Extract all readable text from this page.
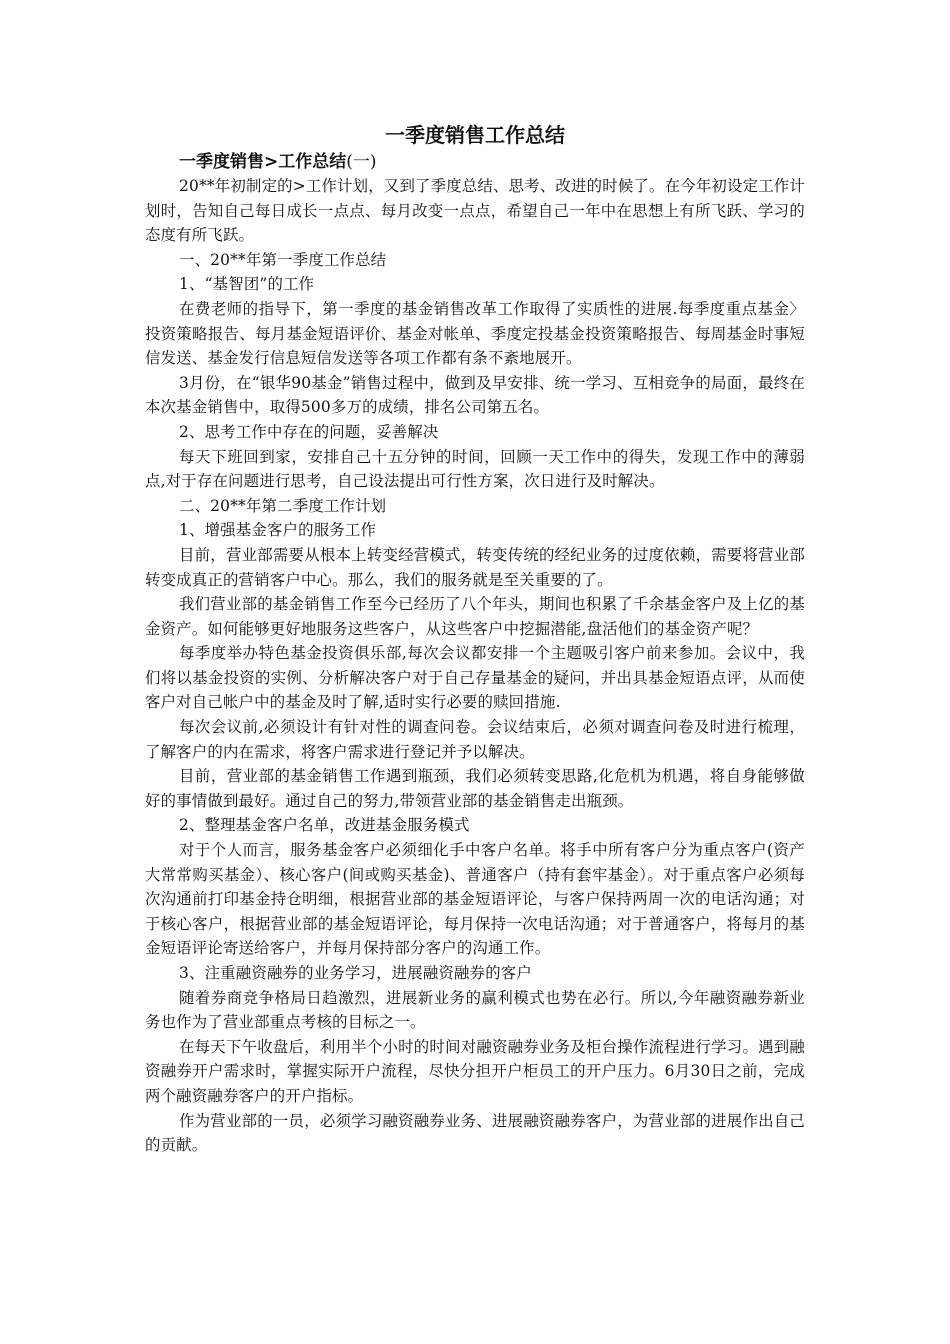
一季度销售工作总结

一季度销售>工作总结(一)

20**年初制定的>工作计划，又到了季度总结、思考、改进的时候了。在今年初设定工作计划时，告知自己每日成长一点点、每月改变一点点，希望自己一年中在思想上有所飞跃、学习的态度有所飞跃。

一、20**年第一季度工作总结

1、“基智团”的工作

在费老师的指导下，第一季度的基金销售改革工作取得了实质性的进展.每季度重点基金〉投资策略报告、每月基金短语评价、基金对帐单、季度定投基金投资策略报告、每周基金时事短信发送、基金发行信息短信发送等各项工作都有条不紊地展开。

3月份，在“银华90基金”销售过程中，做到及早安排、统一学习、互相竞争的局面，最终在本次基金销售中，取得500多万的成绩，排名公司第五名。

2、思考工作中存在的问题，妥善解决

每天下班回到家，安排自己十五分钟的时间，回顾一天工作中的得失，发现工作中的薄弱点,对于存在问题进行思考，自己设法提出可行性方案，次日进行及时解决。

二、20**年第二季度工作计划

1、增强基金客户的服务工作

目前，营业部需要从根本上转变经营模式，转变传统的经纪业务的过度依赖，需要将营业部转变成真正的营销客户中心。那么，我们的服务就是至关重要的了。

我们营业部的基金销售工作至今已经历了八个年头，期间也积累了千余基金客户及上亿的基金资产。如何能够更好地服务这些客户，从这些客户中挖掘潜能,盘活他们的基金资产呢？

每季度举办特色基金投资俱乐部,每次会议都安排一个主题吸引客户前来参加。会议中，我们将以基金投资的实例、分析解决客户对于自己存量基金的疑问，并出具基金短语点评，从而使客户对自己帐户中的基金及时了解,适时实行必要的赎回措施.

每次会议前,必须设计有针对性的调查问卷。会议结束后，必须对调查问卷及时进行梳理，了解客户的内在需求，将客户需求进行登记并予以解决。

目前，营业部的基金销售工作遇到瓶颈，我们必须转变思路,化危机为机遇，将自身能够做好的事情做到最好。通过自己的努力,带领营业部的基金销售走出瓶颈。

2、整理基金客户名单，改进基金服务模式

对于个人而言，服务基金客户必须细化手中客户名单。将手中所有客户分为重点客户(资产大常常购买基金）、核心客户(间或购买基金)、普通客户（持有套牢基金）。对于重点客户必须每次沟通前打印基金持仓明细，根据营业部的基金短语评论，与客户保持两周一次的电话沟通；对于核心客户，根据营业部的基金短语评论，每月保持一次电话沟通；对于普通客户，将每月的基金短语评论寄送给客户，并每月保持部分客户的沟通工作。

3、注重融资融券的业务学习，进展融资融券的客户

随着券商竞争格局日趋激烈，进展新业务的赢利模式也势在必行。所以,今年融资融券新业务也作为了营业部重点考核的目标之一。

在每天下午收盘后，利用半个小时的时间对融资融券业务及柜台操作流程进行学习。遇到融资融券开户需求时，掌握实际开户流程，尽快分担开户柜员工的开户压力。6月30日之前，完成两个融资融券客户的开户指标。

作为营业部的一员，必须学习融资融券业务、进展融资融券客户，为营业部的进展作出自己的贡献。
